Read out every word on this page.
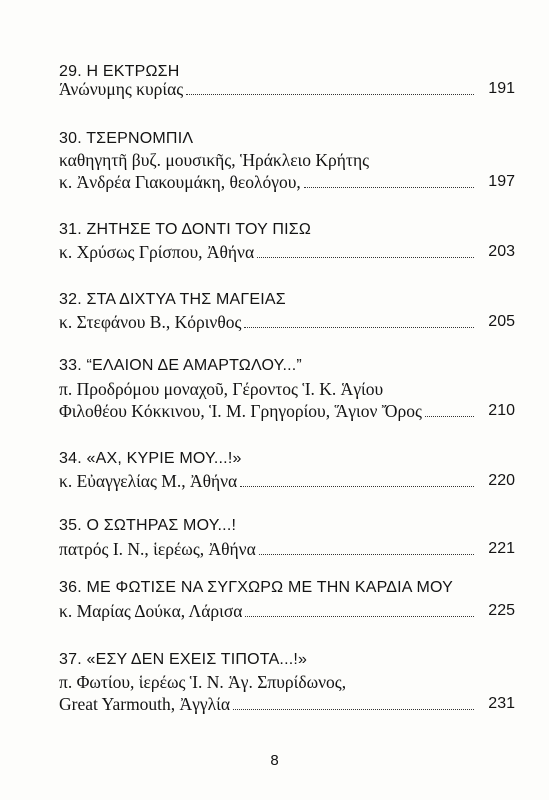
29. Η ΕΚΤΡΩΣΗ
Άνώνυμης κυρίας	191
30. ΤΣΕΡΝΟΜΠΙΛ
καθηγητῆ βυζ. μουσικῆς, Ἡράκλειο Κρήτης
κ. Ἀνδρέα Γιακουμάκη, θεολόγου,	197
31. ΖΗΤΗΣΕ ΤΟ ΔΟΝΤΙ ΤΟΥ ΠΙΣΩ
κ. Χρύσως Γρίσπου, Ἀθήνα	203
32. ΣΤΑ ΔΙΧΤΥΑ ΤΗΣ ΜΑΓΕΙΑΣ
κ. Στεφάνου Β., Κόρινθος	205
33. “ΕΛΑΙΟΝ ΔΕ ΑΜΑΡΤΩΛΟΥ...”
π. Προδρόμου μοναχοῦ, Γέροντος Ἱ. Κ. Ἁγίου
Φιλοθέου Κόκκινου, Ἱ. Μ. Γρηγορίου, Ἅγιον Ὄρος	210
34. «ΑΧ, ΚΥΡΙΕ ΜΟΥ...!»
κ. Εὐαγγελίας Μ., Ἀθήνα	220
35. Ο ΣΩΤΗΡΑΣ ΜΟΥ...!
πατρός Ι. Ν., ἱερέως, Ἀθήνα	221
36. ΜΕ ΦΩΤΙΣΕ ΝΑ ΣΥΓΧΩΡΩ ΜΕ ΤΗΝ ΚΑΡΔΙΑ ΜΟΥ
κ. Μαρίας Δούκα, Λάρισα	225
37. «ΕΣΥ ΔΕΝ ΕΧΕΙΣ ΤΙΠΟΤΑ...!»
π. Φωτίου, ἱερέως Ἱ. Ν. Ἁγ. Σπυρίδωνος,
Great Yarmouth, Ἀγγλία	231
8
